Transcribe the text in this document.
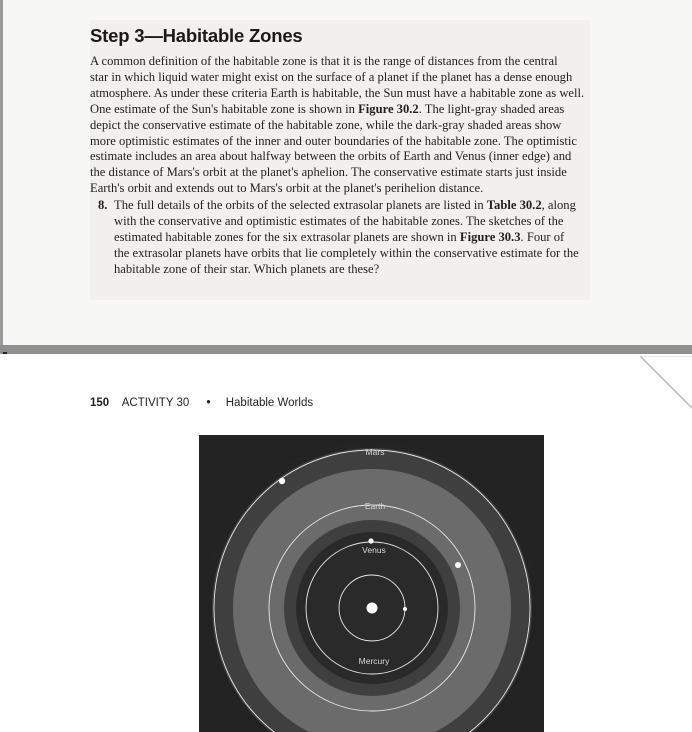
Step 3—Habitable Zones
A common definition of the habitable zone is that it is the range of distances from the central
star in which liquid water might exist on the surface of a planet if the planet has a dense enough
atmosphere. As under these criteria Earth is habitable, the Sun must have a habitable zone as well.
One estimate of the Sun's habitable zone is shown in Figure 30.2. The light-gray shaded areas
depict the conservative estimate of the habitable zone, while the dark-gray shaded areas show
more optimistic estimates of the inner and outer boundaries of the habitable zone. The optimistic
estimate includes an area about halfway between the orbits of Earth and Venus (inner edge) and
the distance of Mars's orbit at the planet's aphelion. The conservative estimate starts just inside
Earth's orbit and extends out to Mars's orbit at the planet's perihelion distance.
8. The full details of the orbits of the selected extrasolar planets are listed in Table 30.2, along
with the conservative and optimistic estimates of the habitable zones. The sketches of the
estimated habitable zones for the six extrasolar planets are shown in Figure 30.3. Four of
the extrasolar planets have orbits that lie completely within the conservative estimate for the
habitable zone of their star. Which planets are these?
150 ACTIVITY 30 • Habitable Worlds
Mars
Earth
Venus
Mercury
